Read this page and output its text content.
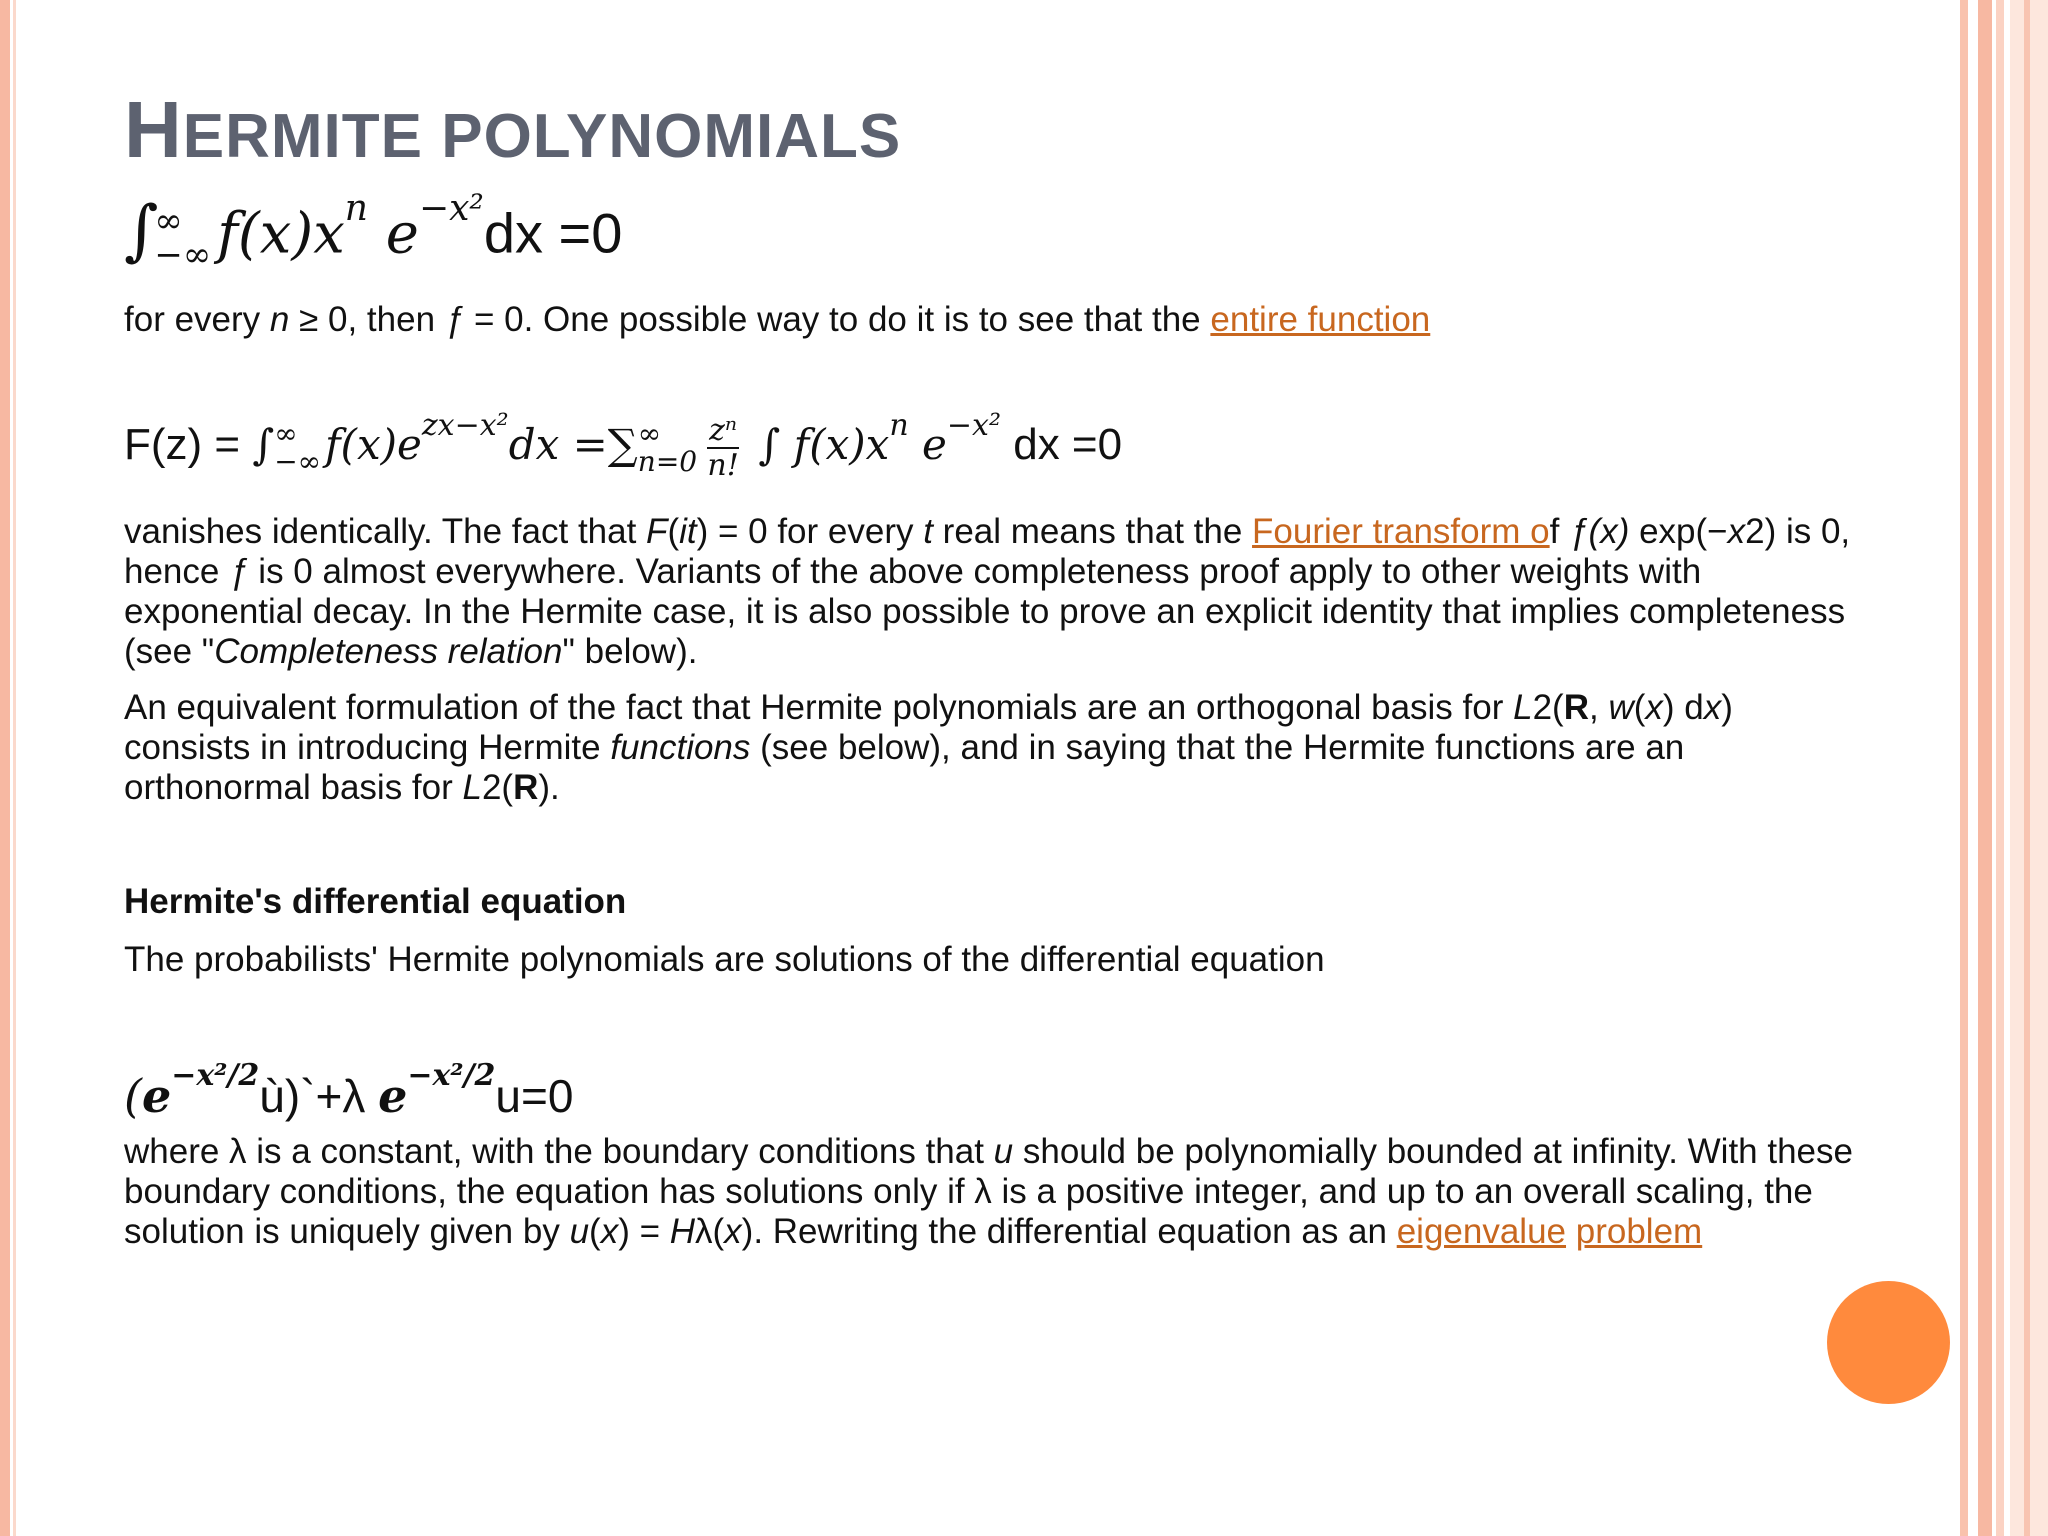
HERMITE POLYNOMIALS
∫
∞
−∞ $f(x)x^n$ $e^{-x^2}dx =0$

for every n ≥ 0, then ƒ = 0. One possible way to do it is to see that the entire function

F(z) = ∫ ∞
−∞ $f(x)e^{zx-x^2}dx$ =∑ ∞
$n=0 \frac{\text{zⁿ}}{n!}$ ∫ $f(x)x^n$ $e^{-x^2}$ dx =0

vanishes identically. The fact that F(it) = 0 for every t real means that the Fourier transform of ƒ(x) exp(−x2) is 0, hence ƒ is 0 almost everywhere. Variants of the above completeness proof apply to other weights with exponential decay. In the Hermite case, it is also possible to prove an explicit identity that implies completeness (see "Completeness relation" below).

An equivalent formulation of the fact that Hermite polynomials are an orthogonal basis for L2(R, w(x) dx) consists in introducing Hermite functions (see below), and in saying that the Hermite functions are an orthonormal basis for L2(R).

Hermite's differential equation

The probabilists' Hermite polynomials are solutions of the differential equation

$(e^{-x^2/2}ù)`+\lambda$ $e^{-x^2/2}u=0$

where λ is a constant, with the boundary conditions that u should be polynomially bounded at infinity. With these boundary conditions, the equation has solutions only if λ is a positive integer, and up to an overall scaling, the solution is uniquely given by u(x) = Hλ(x). Rewriting the differential equation as an eigenvalue problem
